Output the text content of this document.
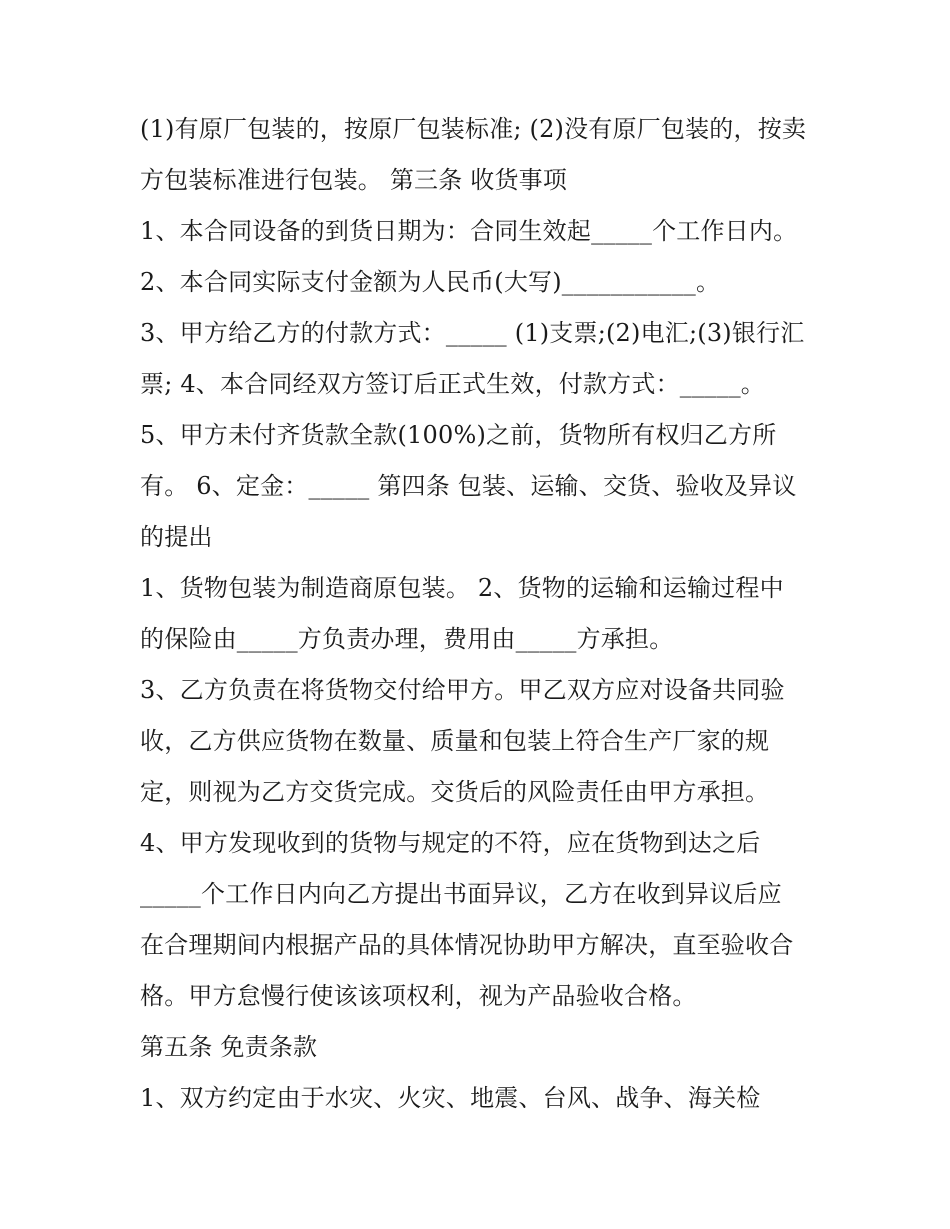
(1)有原厂包装的，按原厂包装标准; (2)没有原厂包装的，按卖
方包装标准进行包装。 第三条 收货事项
1、本合同设备的到货日期为：合同生效起_____个工作日内。
2、本合同实际支付金额为人民币(大写)___________。
3、甲方给乙方的付款方式：_____ (1)支票;(2)电汇;(3)银行汇
票; 4、本合同经双方签订后正式生效，付款方式：_____。
5、甲方未付齐货款全款(100%)之前，货物所有权归乙方所
有。 6、定金：_____ 第四条 包装、运输、交货、验收及异议
的提出
1、货物包装为制造商原包装。 2、货物的运输和运输过程中
的保险由_____方负责办理，费用由_____方承担。
3、乙方负责在将货物交付给甲方。甲乙双方应对设备共同验
收，乙方供应货物在数量、质量和包装上符合生产厂家的规
定，则视为乙方交货完成。交货后的风险责任由甲方承担。
4、甲方发现收到的货物与规定的不符，应在货物到达之后
_____个工作日内向乙方提出书面异议，乙方在收到异议后应
在合理期间内根据产品的具体情况协助甲方解决，直至验收合
格。甲方怠慢行使该该项权利，视为产品验收合格。
第五条 免责条款
1、双方约定由于水灾、火灾、地震、台风、战争、海关检
